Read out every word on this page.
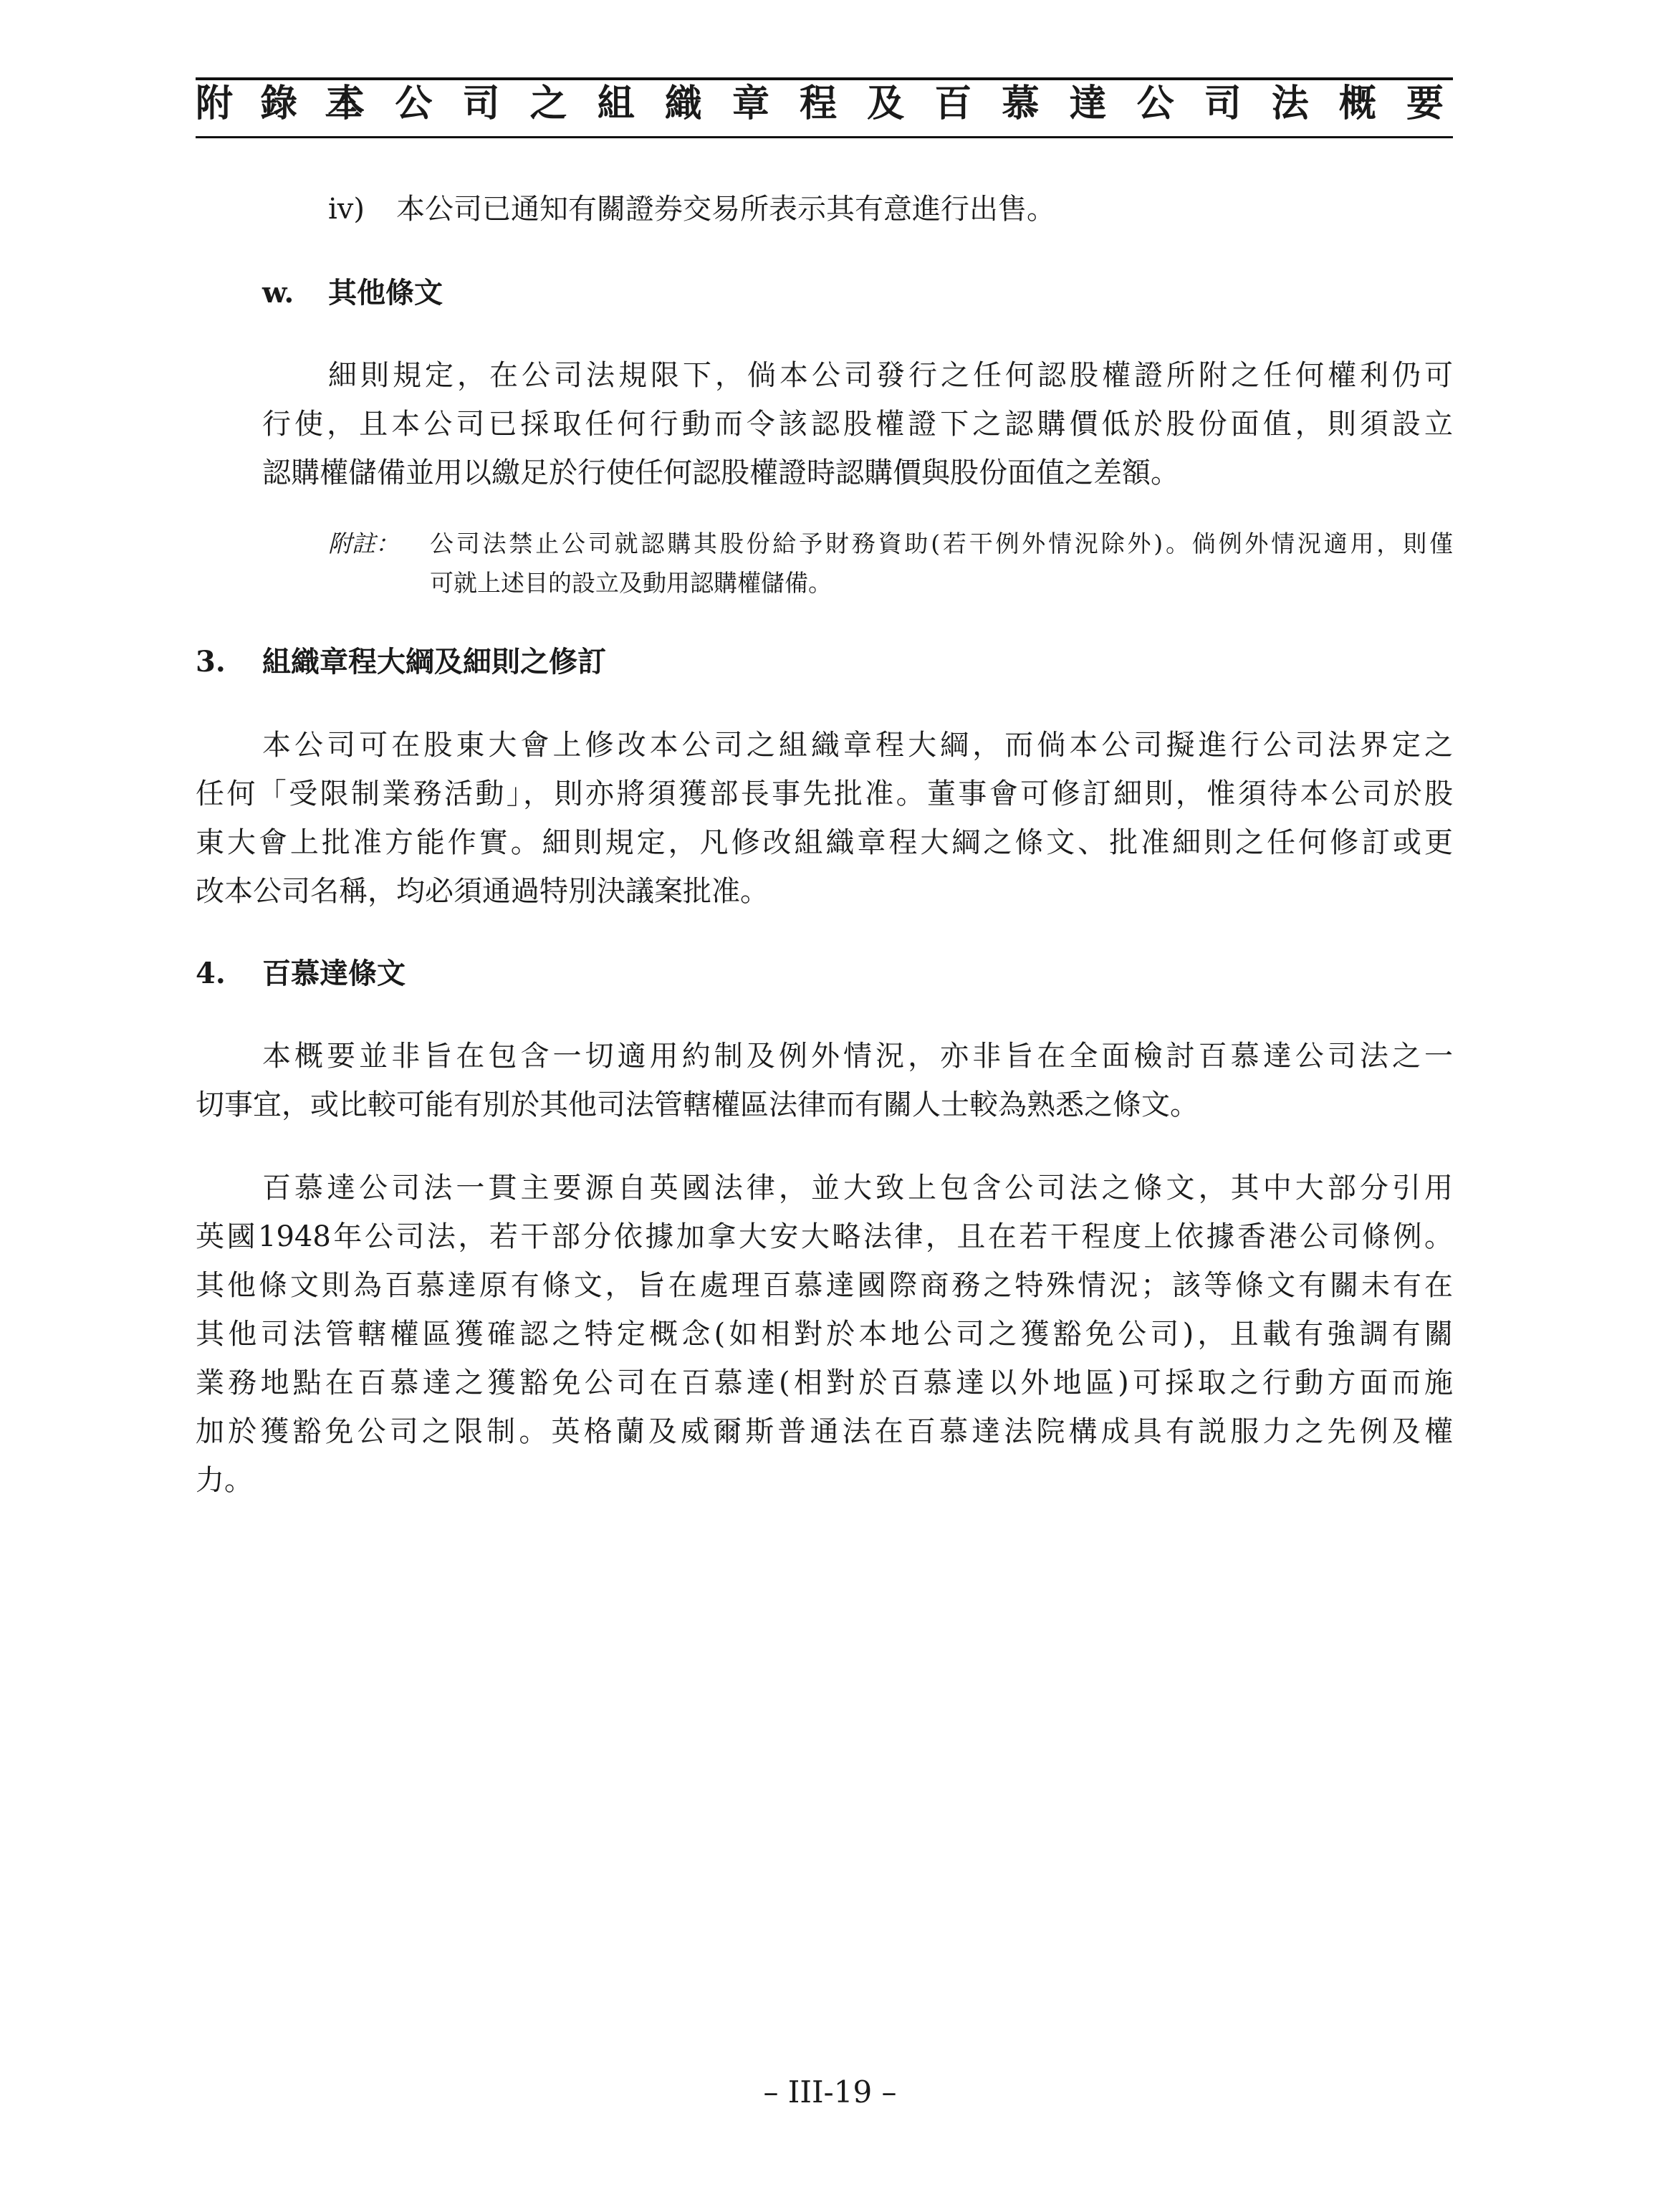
附 錄 三
本 公 司 之 組 織 章 程 及 百 慕 達 公 司 法 概 要
iv) 本公司已通知有關證券交易所表示其有意進行出售。
w. 其他條文
細則規定，在公司法規限下，倘本公司發行之任何認股權證所附之任何權利仍可
行使，且本公司已採取任何行動而令該認股權證下之認購價低於股份面值，則須設立
認購權儲備並用以繳足於行使任何認股權證時認購價與股份面值之差額。
附註： 公司法禁止公司就認購其股份給予財務資助(若干例外情況除外)。倘例外情況適用，則僅
可就上述目的設立及動用認購權儲備。
3. 組織章程大綱及細則之修訂
本公司可在股東大會上修改本公司之組織章程大綱，而倘本公司擬進行公司法界定之
任何「受限制業務活動」，則亦將須獲部長事先批准。董事會可修訂細則，惟須待本公司於股
東大會上批准方能作實。細則規定，凡修改組織章程大綱之條文、批准細則之任何修訂或更
改本公司名稱，均必須通過特別決議案批准。
4. 百慕達條文
本概要並非旨在包含一切適用約制及例外情況，亦非旨在全面檢討百慕達公司法之一
切事宜，或比較可能有別於其他司法管轄權區法律而有關人士較為熟悉之條文。
百慕達公司法一貫主要源自英國法律，並大致上包含公司法之條文，其中大部分引用
英國1948年公司法，若干部分依據加拿大安大略法律，且在若干程度上依據香港公司條例。
其他條文則為百慕達原有條文，旨在處理百慕達國際商務之特殊情況；該等條文有關未有在
其他司法管轄權區獲確認之特定概念(如相對於本地公司之獲豁免公司)，且載有強調有關
業務地點在百慕達之獲豁免公司在百慕達(相對於百慕達以外地區)可採取之行動方面而施
加於獲豁免公司之限制。英格蘭及威爾斯普通法在百慕達法院構成具有説服力之先例及權
力。
– III-19 –
